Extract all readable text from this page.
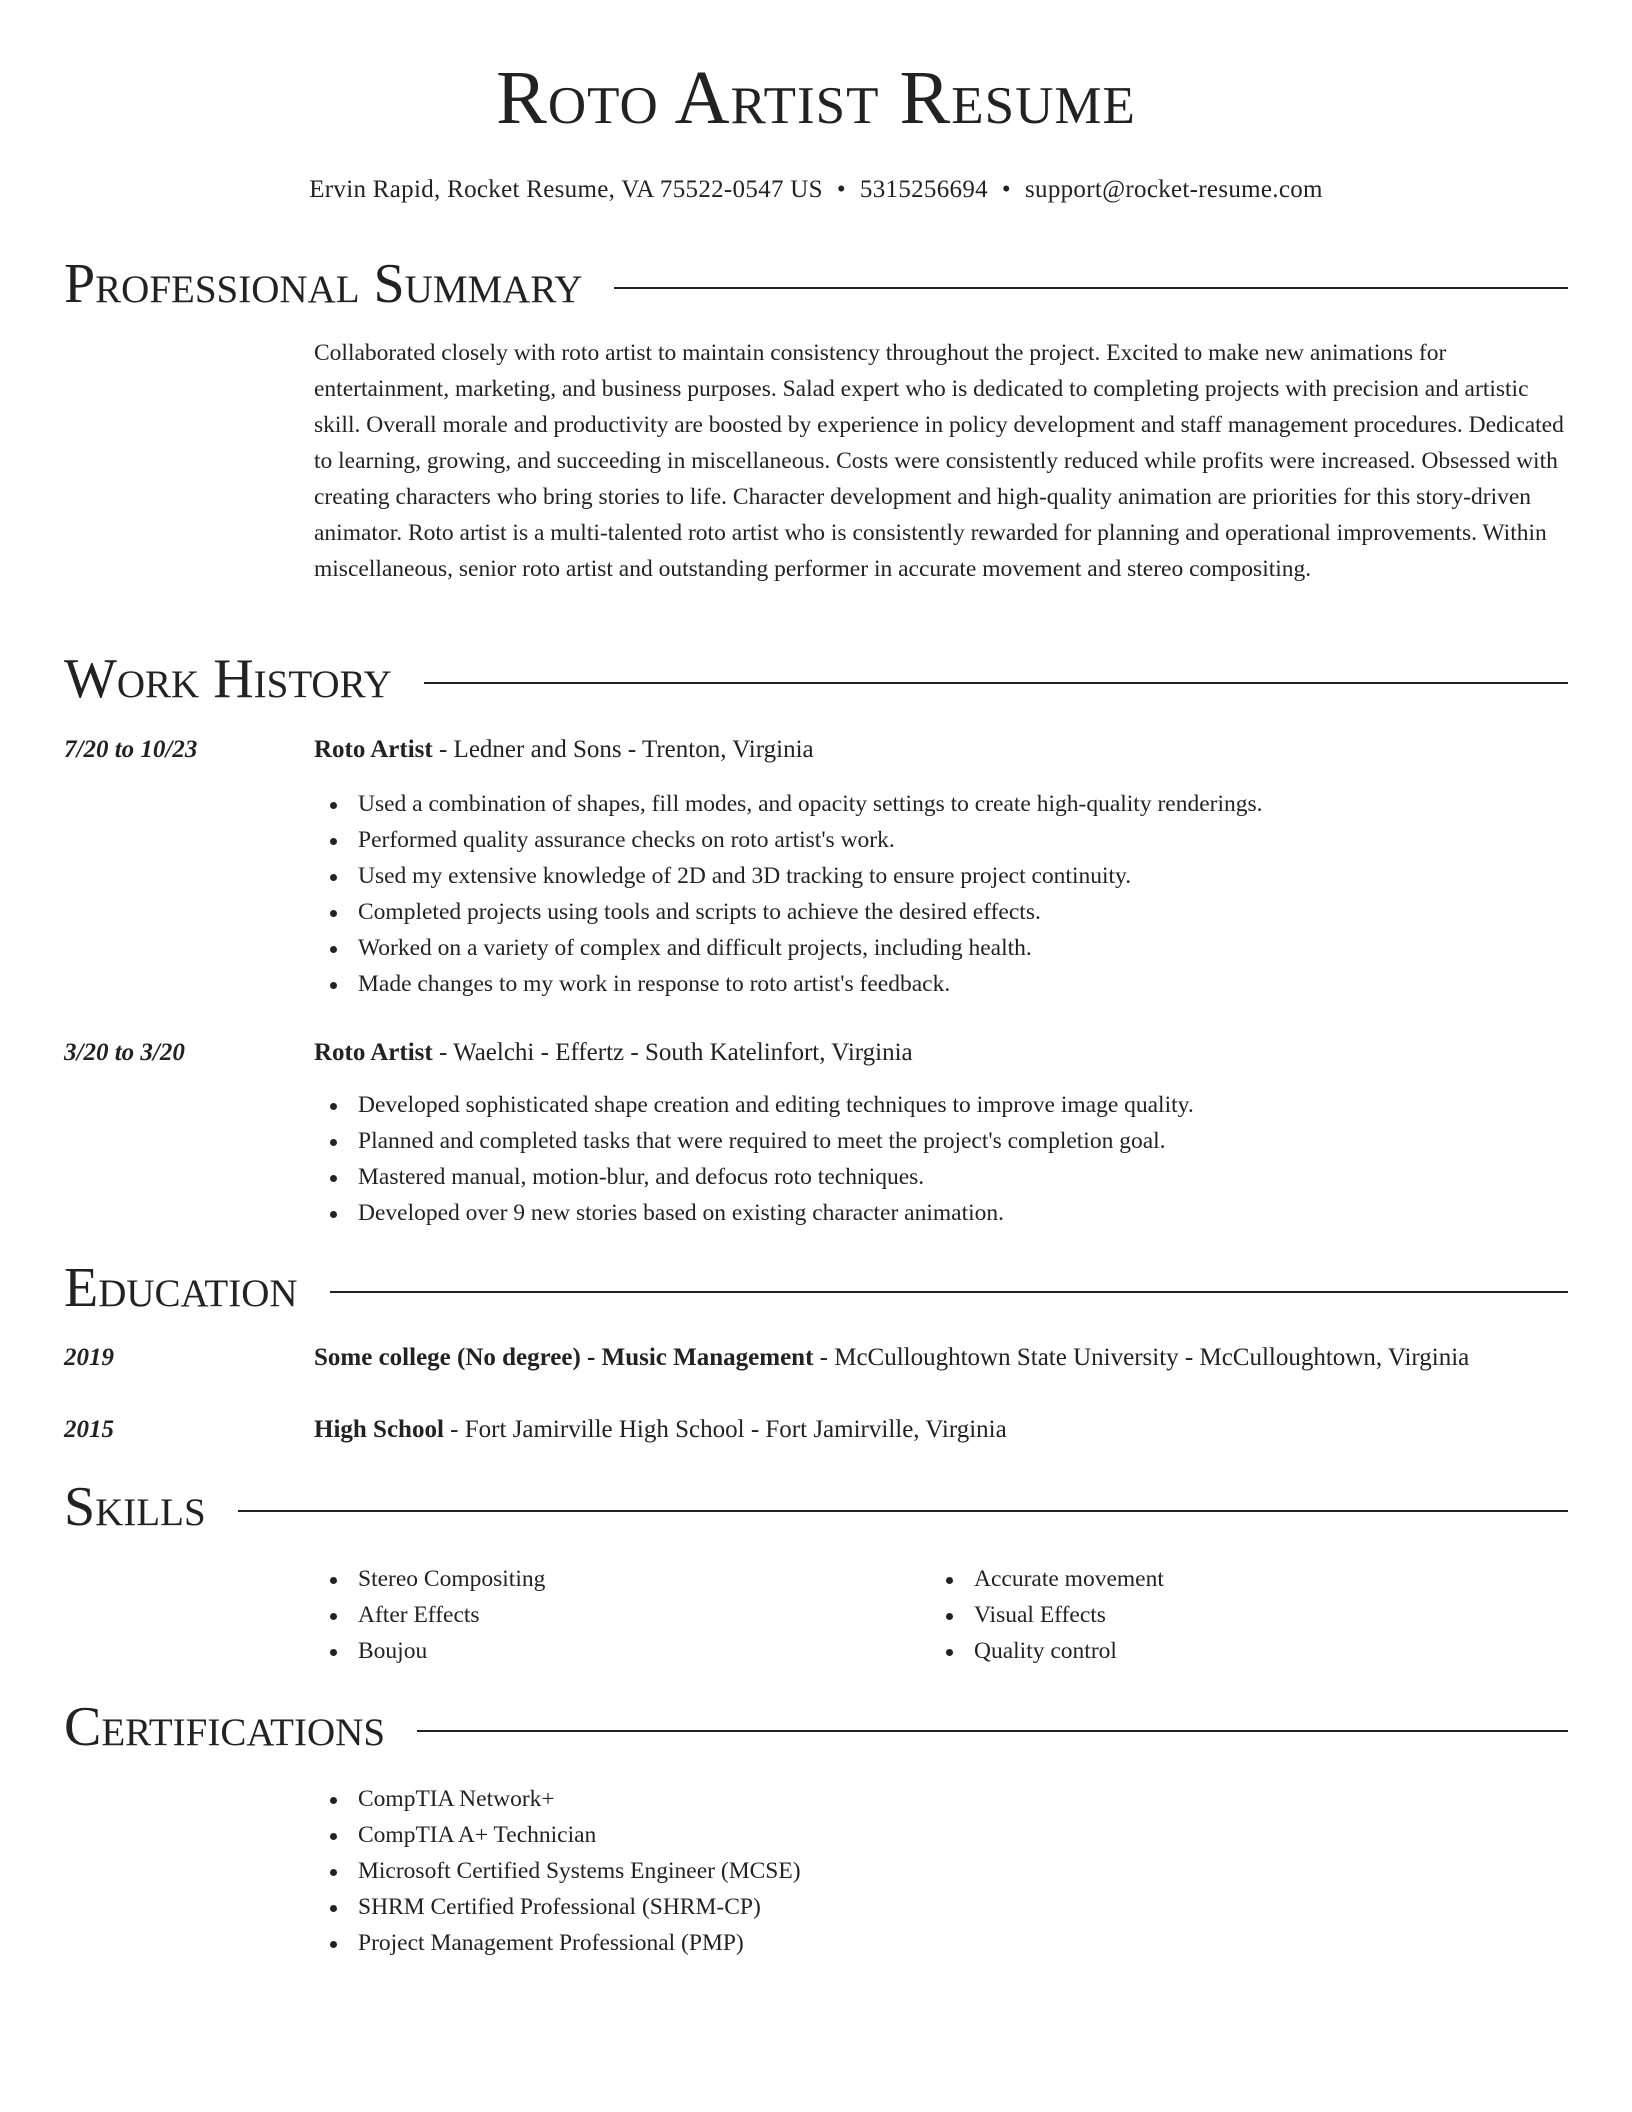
Roto Artist Resume
Ervin Rapid, Rocket Resume, VA 75522-0547 US • 5315256694 • support@rocket-resume.com
Professional Summary
Collaborated closely with roto artist to maintain consistency throughout the project. Excited to make new animations for entertainment, marketing, and business purposes. Salad expert who is dedicated to completing projects with precision and artistic skill. Overall morale and productivity are boosted by experience in policy development and staff management procedures. Dedicated to learning, growing, and succeeding in miscellaneous. Costs were consistently reduced while profits were increased. Obsessed with creating characters who bring stories to life. Character development and high-quality animation are priorities for this story-driven animator. Roto artist is a multi-talented roto artist who is consistently rewarded for planning and operational improvements. Within miscellaneous, senior roto artist and outstanding performer in accurate movement and stereo compositing.
Work History
7/20 to 10/23	Roto Artist - Ledner and Sons - Trenton, Virginia
Used a combination of shapes, fill modes, and opacity settings to create high-quality renderings.
Performed quality assurance checks on roto artist's work.
Used my extensive knowledge of 2D and 3D tracking to ensure project continuity.
Completed projects using tools and scripts to achieve the desired effects.
Worked on a variety of complex and difficult projects, including health.
Made changes to my work in response to roto artist's feedback.
3/20 to 3/20	Roto Artist - Waelchi - Effertz - South Katelinfort, Virginia
Developed sophisticated shape creation and editing techniques to improve image quality.
Planned and completed tasks that were required to meet the project's completion goal.
Mastered manual, motion-blur, and defocus roto techniques.
Developed over 9 new stories based on existing character animation.
Education
2019	Some college (No degree) - Music Management - McCulloughtown State University - McCulloughtown, Virginia
2015	High School - Fort Jamirville High School - Fort Jamirville, Virginia
Skills
Stereo Compositing
After Effects
Boujou
Accurate movement
Visual Effects
Quality control
Certifications
CompTIA Network+
CompTIA A+ Technician
Microsoft Certified Systems Engineer (MCSE)
SHRM Certified Professional (SHRM-CP)
Project Management Professional (PMP)
